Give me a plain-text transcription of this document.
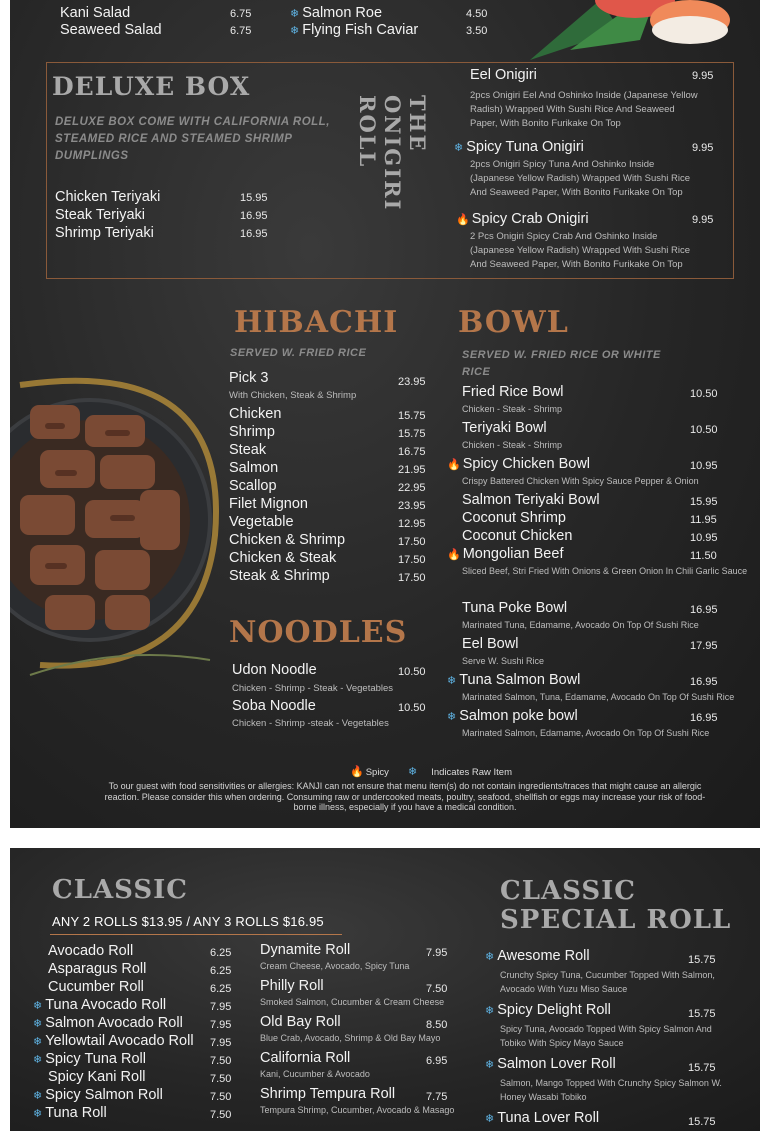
Kani Salad	6.75
Seaweed Salad	6.75
❄ Salmon Roe	4.50
❄ Flying Fish Caviar	3.50
DELUXE BOX
DELUXE BOX COME WITH CALIFORNIA ROLL, STEAMED RICE AND STEAMED SHRIMP DUMPLINGS
Chicken Teriyaki	15.95
Steak Teriyaki	16.95
Shrimp Teriyaki	16.95
THE ONIGIRI ROLL
Eel Onigiri	9.95
2pcs Onigiri Eel And Oshinko Inside (Japanese Yellow Radish) Wrapped With Sushi Rice And Seaweed Paper, With Bonito Furikake On Top
❄ Spicy Tuna Onigiri	9.95
2pcs Onigiri Spicy Tuna And Oshinko Inside (Japanese Yellow Radish) Wrapped With Sushi Rice And Seaweed Paper, With Bonito Furikake On Top
🔥 Spicy Crab Onigiri	9.95
2 Pcs Onigiri Spicy Crab And Oshinko Inside (Japanese Yellow Radish) Wrapped With Sushi Rice And Seaweed Paper, With Bonito Furikake On Top
HIBACHI
SERVED W. FRIED RICE
Pick 3	23.95
With Chicken, Steak & Shrimp
BOWL
SERVED W. FRIED RICE OR WHITE RICE
NOODLES
Udon Noodle	10.50
Chicken - Shrimp - Steak - Vegetables
Soba Noodle	10.50
Chicken - Shrimp -steak - Vegetables
🔥 Spicy ❄ Indicates Raw Item
To our guest with food sensitivities or allergies: KANJI can not ensure that menu item(s) do not contain ingredients/traces that might cause an allergic reaction. Please consider this when ordering. Consuming raw or undercooked meats, poultry, seafood, shellfish or eggs may increase your risk of food-borne illness, especially if you have a medical condition.
Chicken	15.75
Shrimp	15.75
Steak	16.75
Salmon	21.95
Scallop	22.95
Filet Mignon	23.95
Vegetable	12.95
Chicken & Shrimp	17.50
Chicken & Steak	17.50
Steak & Shrimp	17.50
Fried Rice Bowl	10.50
Chicken - Steak - Shrimp
Teriyaki Bowl	10.50
Chicken - Steak - Shrimp
🔥 Spicy Chicken Bowl	10.95
Crispy Battered Chicken With Spicy Sauce Pepper & Onion
Salmon Teriyaki Bowl	15.95
Coconut Shrimp	11.95
Coconut Chicken	10.95
🔥 Mongolian Beef	11.50
Sliced Beef, Stri Fried With Onions & Green Onion In Chili Garlic Sauce
Tuna Poke Bowl	16.95
Marinated Tuna, Edamame, Avocado On Top Of Sushi Rice
Eel Bowl	17.95
Serve W. Sushi Rice
❄ Tuna Salmon Bowl	16.95
Marinated Salmon, Tuna, Edamame, Avocado On Top Of Sushi Rice
❄ Salmon poke bowl	16.95
Marinated Salmon, Edamame, Avocado On Top Of Sushi Rice
CLASSIC
ANY 2 ROLLS $13.95 / ANY 3 ROLLS $16.95
CLASSIC
SPECIAL ROLL
Avocado Roll	6.25
Asparagus Roll	6.25
Cucumber Roll	6.25
❄ Tuna Avocado Roll	7.95
❄ Salmon Avocado Roll 7.95
❄ Yellowtail Avocado Roll 7.95
❄ Spicy Tuna Roll	7.50
Spicy Kani Roll	7.50
❄ Spicy Salmon Roll	7.50
❄ Tuna Roll	7.50
Dynamite Roll	7.95
Cream Cheese, Avocado, Spicy Tuna
Philly Roll	7.50
Smoked Salmon, Cucumber & Cream Cheese
Old Bay Roll	8.50
Blue Crab, Avocado, Shrimp & Old Bay Mayo
California Roll	6.95
Kani, Cucumber & Avocado
Shrimp Tempura Roll	7.75
Tempura Shrimp, Cucumber, Avocado & Masago
❄ Awesome Roll	15.75
Crunchy Spicy Tuna, Cucumber Topped With Salmon, Avocado With Yuzu Miso Sauce
❄ Spicy Delight Roll	15.75
Spicy Tuna, Avocado Topped With Spicy Salmon And Tobiko With Spicy Mayo Sauce
❄ Salmon Lover Roll	15.75
Salmon, Mango Topped With Crunchy Spicy Salmon W. Honey Wasabi Tobiko
❄ Tuna Lover Roll	15.75
